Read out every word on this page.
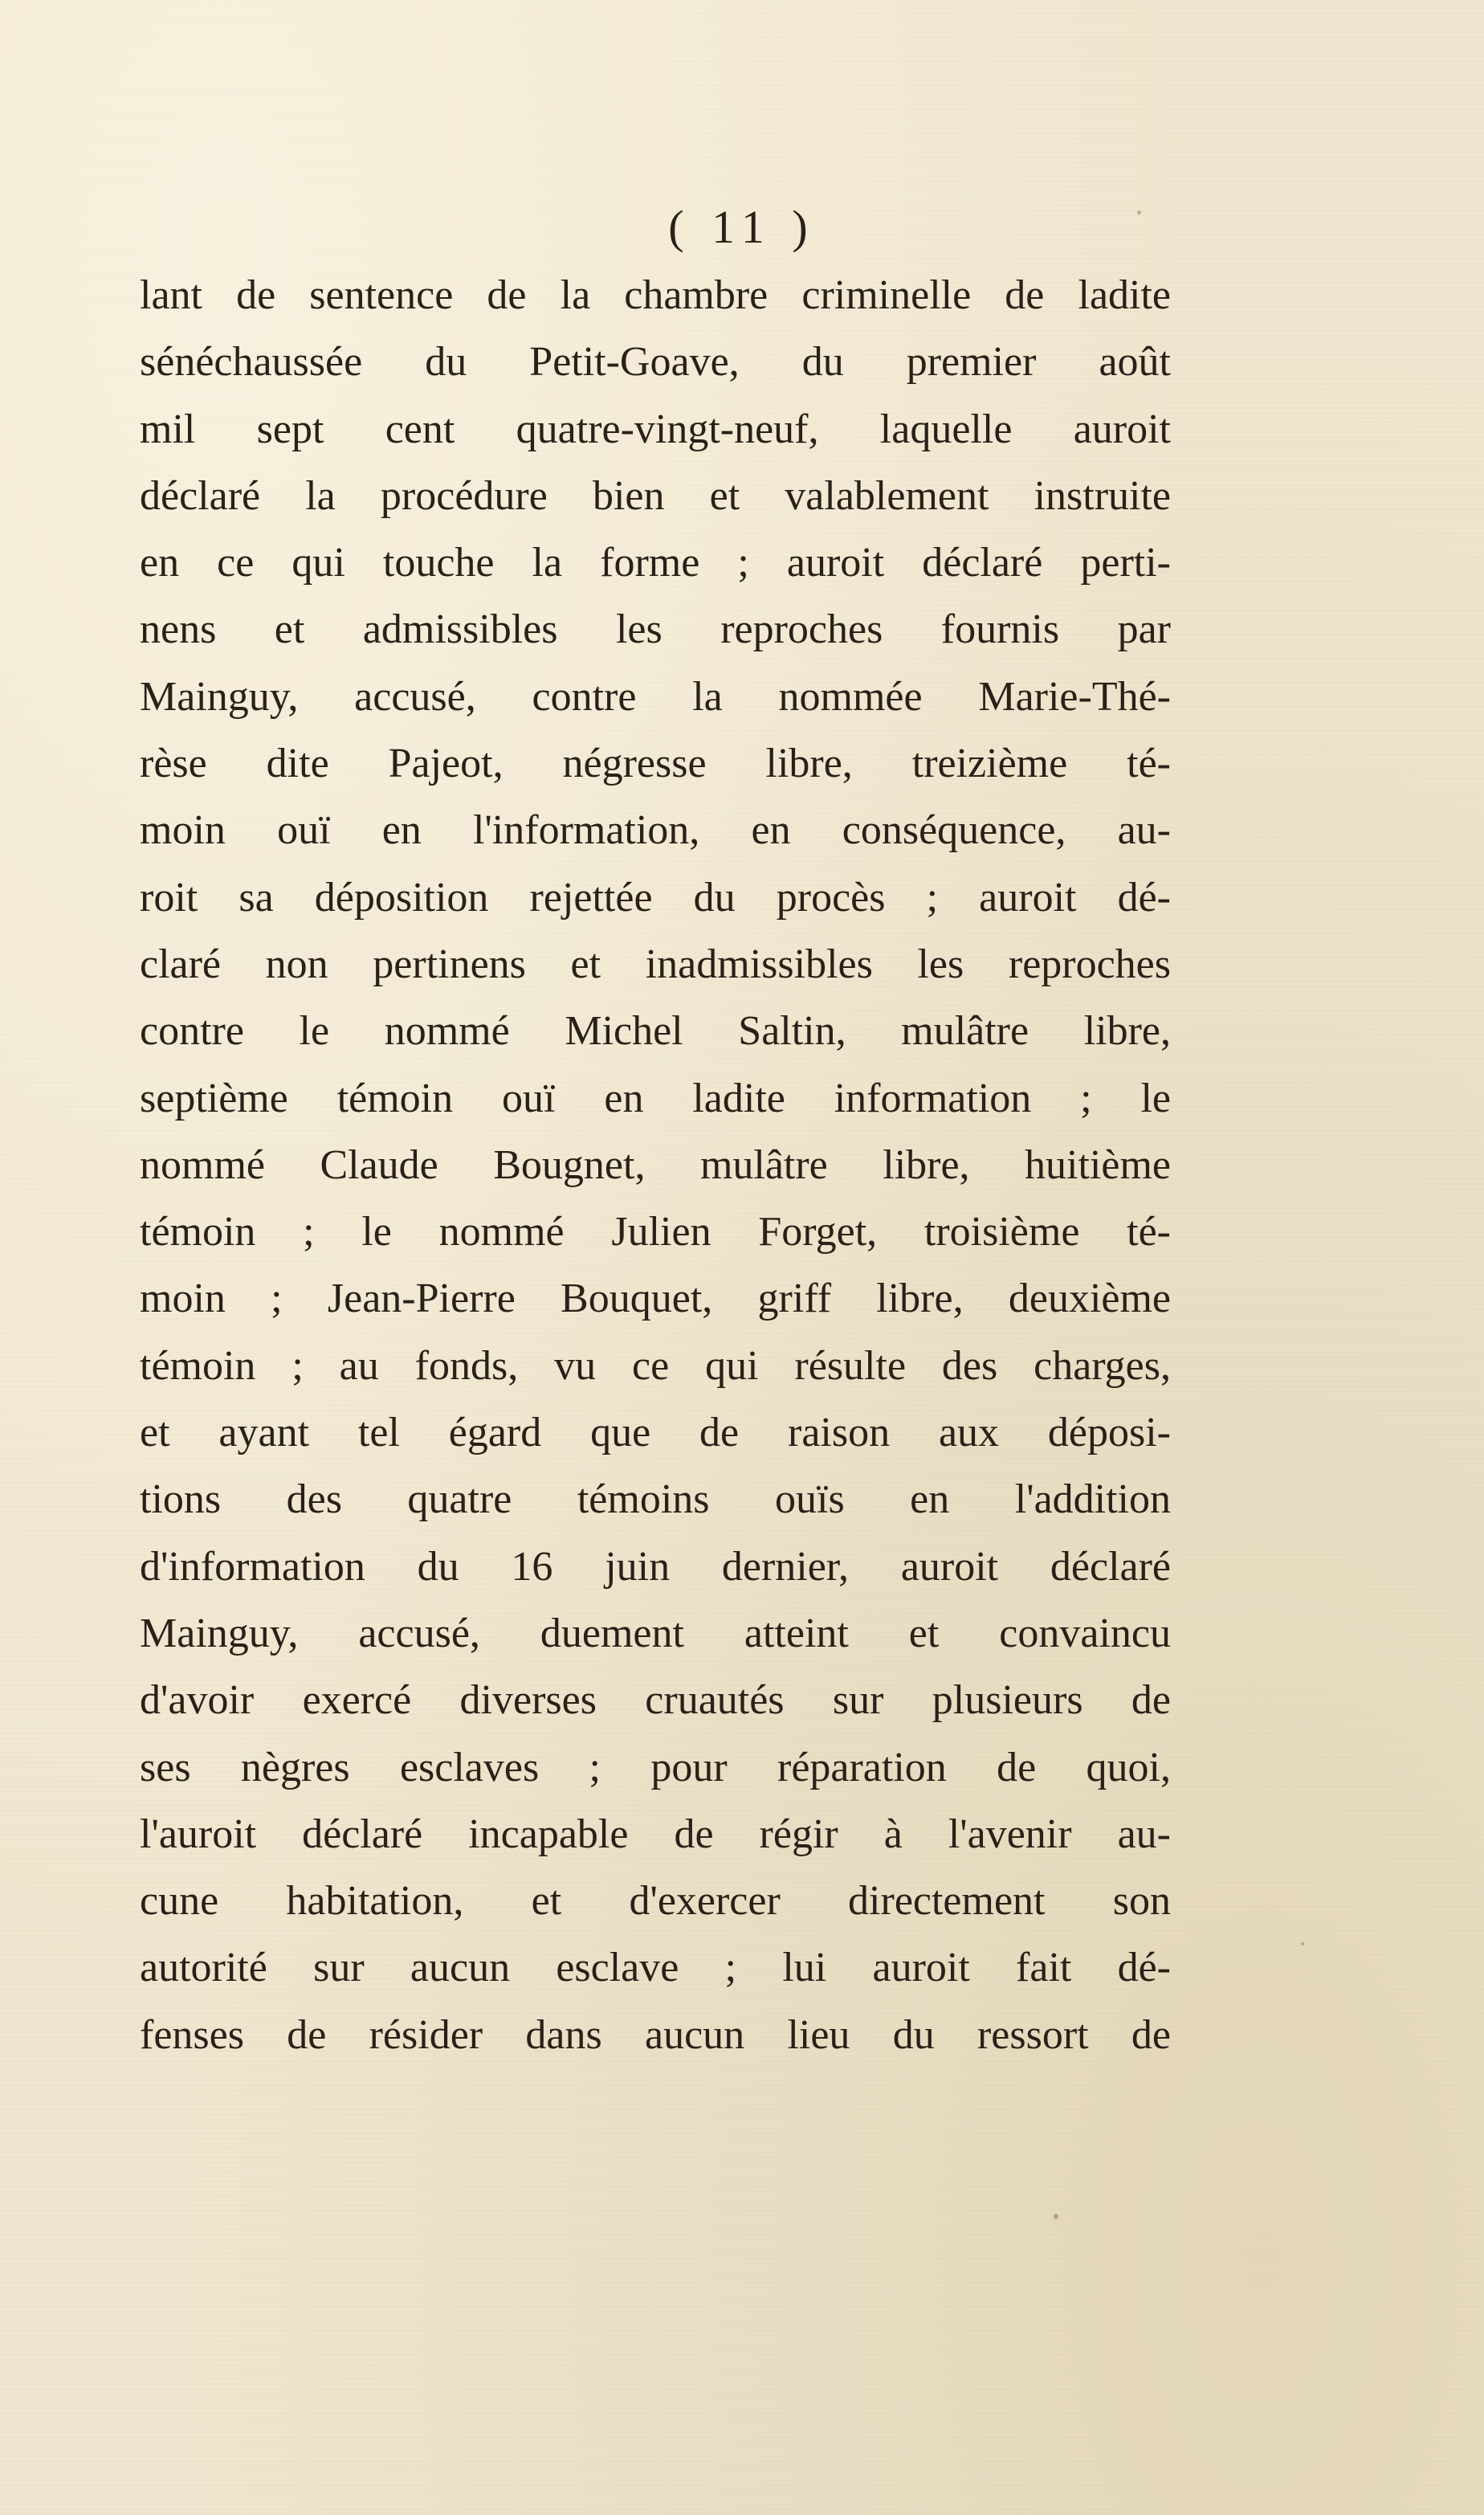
( 11 )
lant de sentence de la chambre criminelle de ladite
sénéchaussée du Petit-Goave, du premier août
mil sept cent quatre-vingt-neuf, laquelle auroit
déclaré la procédure bien et valablement instruite
en ce qui touche la forme ; auroit déclaré perti-
nens et admissibles les reproches fournis par
Mainguy, accusé, contre la nommée Marie-Thé-
rèse dite Pajeot, négresse libre, treizième té-
moin ouï en l'information, en conséquence, au-
roit sa déposition rejettée du procès ; auroit dé-
claré non pertinens et inadmissibles les reproches
contre le nommé Michel Saltin, mulâtre libre,
septième témoin ouï en ladite information ; le
nommé Claude Bougnet, mulâtre libre, huitième
témoin ; le nommé Julien Forget, troisième té-
moin ; Jean-Pierre Bouquet, griff libre, deuxième
témoin ; au fonds, vu ce qui résulte des charges,
et ayant tel égard que de raison aux déposi-
tions des quatre témoins ouïs en l'addition
d'information du 16 juin dernier, auroit déclaré
Mainguy, accusé, duement atteint et convaincu
d'avoir exercé diverses cruautés sur plusieurs de
ses nègres esclaves ; pour réparation de quoi,
l'auroit déclaré incapable de régir à l'avenir au-
cune habitation, et d'exercer directement son
autorité sur aucun esclave ; lui auroit fait dé-
fenses de résider dans aucun lieu du ressort de
